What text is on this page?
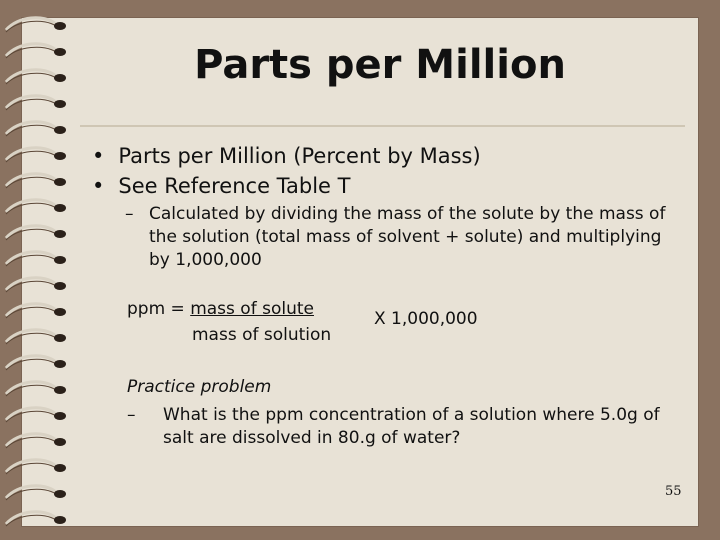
Parts per Million
• Parts per Million (Percent by Mass)
• See Reference Table T
– Calculated by dividing the mass of the solute by the mass of the solution (total mass of solvent + solute) and multiplying by 1,000,000
ppm = mass of solute
mass of solution
X 1,000,000
Practice problem
–	What is the ppm concentration of a solution where 5.0g of salt are dissolved in 80.g of water?
55
